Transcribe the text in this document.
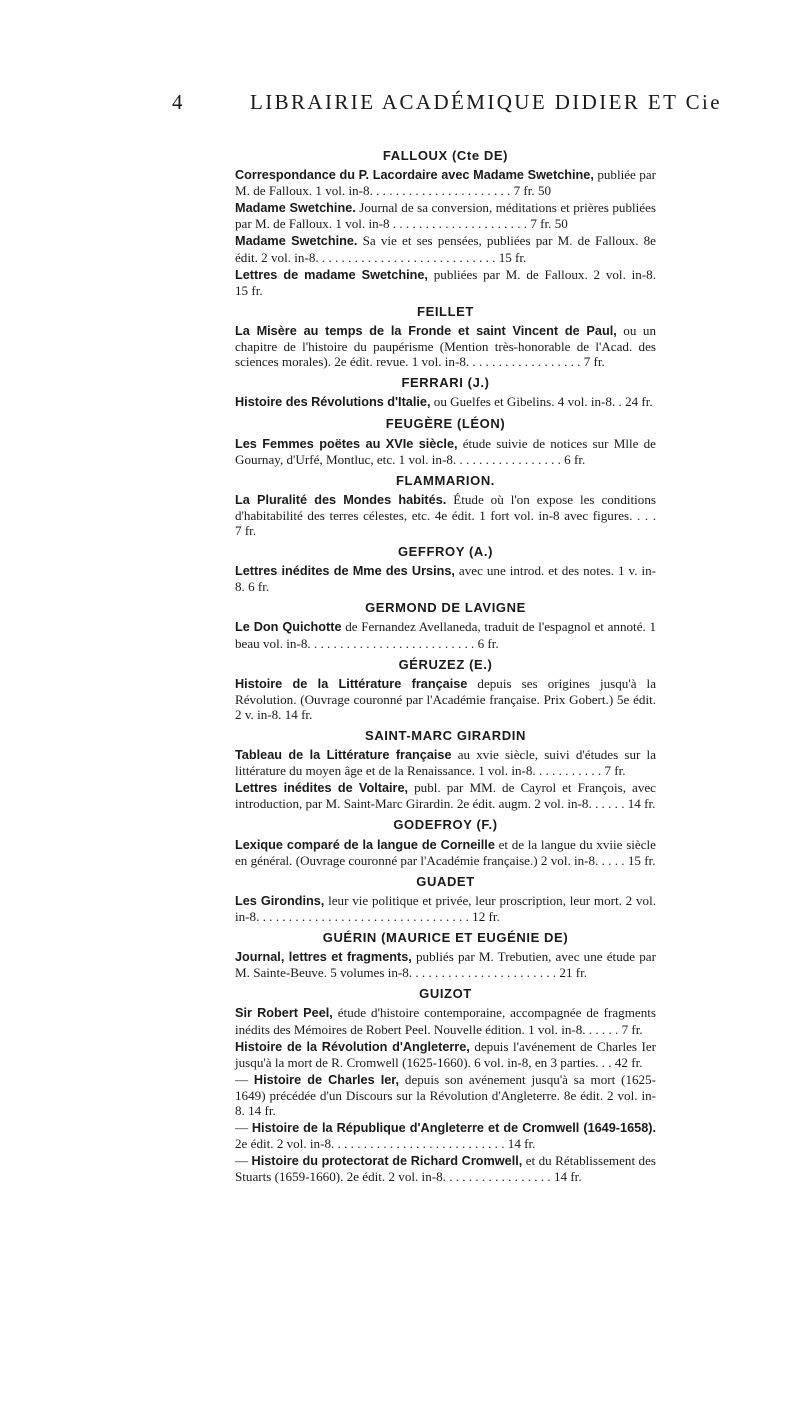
4	LIBRAIRIE ACADÉMIQUE DIDIER ET Cie
FALLOUX (Cte DE)
Correspondance du P. Lacordaire avec Madame Swetchine, publiée par M. de Falloux. 1 vol. in-8. . . . . . . . . . . . . . . . . . . . . . 7 fr. 50
Madame Swetchine. Journal de sa conversion, méditations et prières publiées par M. de Falloux. 1 vol. in-8 . . . . . . . . . . . . . . . . . . . . . 7 fr. 50
Madame Swetchine. Sa vie et ses pensées, publiées par M. de Falloux. 8e édit. 2 vol. in-8. . . . . . . . . . . . . . . . . . . . . . . . . . . . 15 fr.
Lettres de madame Swetchine, publiées par M. de Falloux. 2 vol. in-8. 15 fr.
FEILLET
La Misère au temps de la Fronde et saint Vincent de Paul, ou un chapitre de l'histoire du paupérisme (Mention très-honorable de l'Acad. des sciences morales). 2e édit. revue. 1 vol. in-8. . . . . . . . . . . . . . . . . . 7 fr.
FERRARI (J.)
Histoire des Révolutions d'Italie, ou Guelfes et Gibelins. 4 vol. in-8. . 24 fr.
FEUGÈRE (LÉON)
Les Femmes poëtes au XVIe siècle, étude suivie de notices sur Mlle de Gournay, d'Urfé, Montluc, etc. 1 vol. in-8. . . . . . . . . . . . . . . . . 6 fr.
FLAMMARION.
La Pluralité des Mondes habités. Étude où l'on expose les conditions d'habitabilité des terres célestes, etc. 4e édit. 1 fort vol. in-8 avec figures. . . . 7 fr.
GEFFROY (A.)
Lettres inédites de Mme des Ursins, avec une introd. et des notes. 1 v. in-8. 6 fr.
GERMOND DE LAVIGNE
Le Don Quichotte de Fernandez Avellaneda, traduit de l'espagnol et annoté. 1 beau vol. in-8. . . . . . . . . . . . . . . . . . . . . . . . . . 6 fr.
GÉRUZEZ (E.)
Histoire de la Littérature française depuis ses origines jusqu'à la Révolution. (Ouvrage couronné par l'Académie française. Prix Gobert.) 5e édit. 2 v. in-8. 14 fr.
SAINT-MARC GIRARDIN
Tableau de la Littérature française au xvie siècle, suivi d'études sur la littérature du moyen âge et de la Renaissance. 1 vol. in-8. . . . . . . . . . . 7 fr.
Lettres inédites de Voltaire, publ. par MM. de Cayrol et François, avec introduction, par M. Saint-Marc Girardin. 2e édit. augm. 2 vol. in-8. . . . . . 14 fr.
GODEFROY (F.)
Lexique comparé de la langue de Corneille et de la langue du xviie siècle en général. (Ouvrage couronné par l'Académie française.) 2 vol. in-8. . . . . 15 fr.
GUADET
Les Girondins, leur vie politique et privée, leur proscription, leur mort. 2 vol. in-8. . . . . . . . . . . . . . . . . . . . . . . . . . . . . . . . . 12 fr.
GUÉRIN (MAURICE ET EUGÉNIE DE)
Journal, lettres et fragments, publiés par M. Trebutien, avec une étude par M. Sainte-Beuve. 5 volumes in-8. . . . . . . . . . . . . . . . . . . . . . . 21 fr.
GUIZOT
Sir Robert Peel, étude d'histoire contemporaine, accompagnée de fragments inédits des Mémoires de Robert Peel. Nouvelle édition. 1 vol. in-8. . . . . . 7 fr.
Histoire de la Révolution d'Angleterre, depuis l'avénement de Charles Ier jusqu'à la mort de R. Cromwell (1625-1660). 6 vol. in-8, en 3 parties. . . 42 fr.
— Histoire de Charles Ier, depuis son avénement jusqu'à sa mort (1625-1649) précédée d'un Discours sur la Révolution d'Angleterre. 8e édit. 2 vol. in-8. 14 fr.
— Histoire de la République d'Angleterre et de Cromwell (1649-1658). 2e édit. 2 vol. in-8. . . . . . . . . . . . . . . . . . . . . . . . . . . 14 fr.
— Histoire du protectorat de Richard Cromwell, et du Rétablissement des Stuarts (1659-1660). 2e édit. 2 vol. in-8. . . . . . . . . . . . . . . . . 14 fr.
